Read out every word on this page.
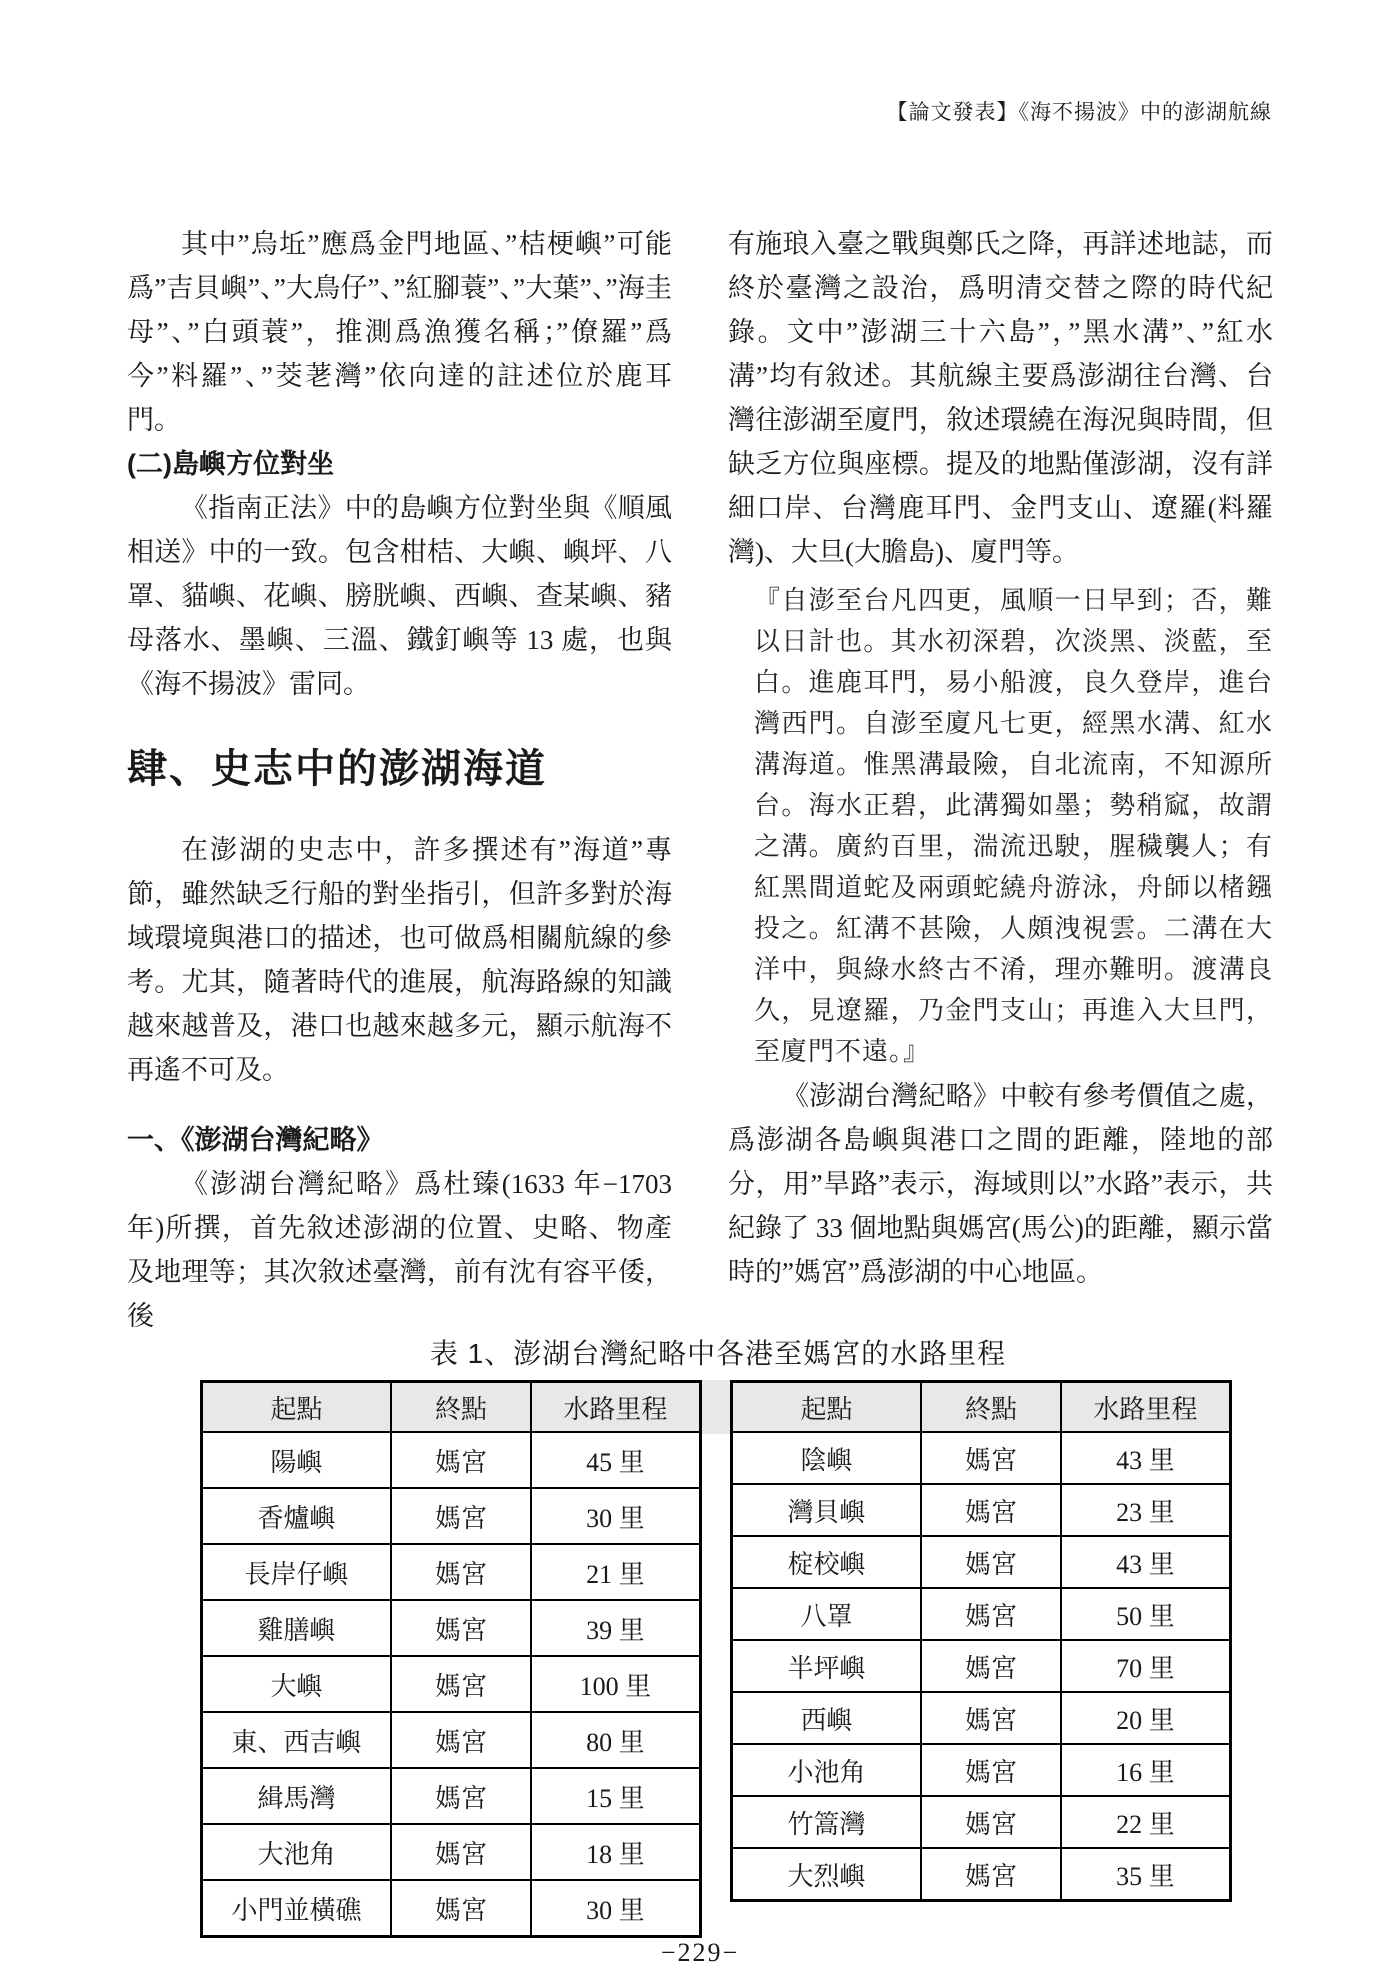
【論文發表】《海不揚波》中的澎湖航線

其中”烏坵”應爲金門地區、”桔梗嶼”可能爲”吉貝嶼”、”大鳥仔”、”紅腳蓑”、”大葉”、”海圭母”、”白頭蓑”，推測爲漁獲名稱；”僚羅”爲今”料羅”、”茭荖灣”依向達的註述位於鹿耳門。

(二)島嶼方位對坐

《指南正法》中的島嶼方位對坐與《順風相送》中的一致。包含柑桔、大嶼、嶼坪、八罩、貓嶼、花嶼、膀胱嶼、西嶼、查某嶼、豬母落水、墨嶼、三溫、鐵釘嶼等 13 處，也與《海不揚波》雷同。

肆、史志中的澎湖海道

在澎湖的史志中，許多撰述有”海道”專節，雖然缺乏行船的對坐指引，但許多對於海域環境與港口的描述，也可做爲相關航線的參考。尤其，隨著時代的進展，航海路線的知識越來越普及，港口也越來越多元，顯示航海不再遙不可及。

一、《澎湖台灣紀略》

《澎湖台灣紀略》爲杜臻(1633 年−1703 年)所撰，首先敘述澎湖的位置、史略、物產及地理等；其次敘述臺灣，前有沈有容平倭，後

有施琅入臺之戰與鄭氏之降，再詳述地誌，而終於臺灣之設治，爲明清交替之際的時代紀錄。文中”澎湖三十六島”，”黑水溝”、”紅水溝”均有敘述。其航線主要爲澎湖往台灣、台灣往澎湖至廈門，敘述環繞在海況與時間，但缺乏方位與座標。提及的地點僅澎湖，沒有詳細口岸、台灣鹿耳門、金門支山、遼羅(料羅灣)、大旦(大膽島)、廈門等。

『自澎至台凡四更，風順一日早到；否，難以日計也。其水初深碧，次淡黑、淡藍，至白。進鹿耳門，易小船渡，良久登岸，進台灣西門。自澎至廈凡七更，經黑水溝、紅水溝海道。惟黑溝最險，自北流南，不知源所台。海水正碧，此溝獨如墨；勢稍窳，故謂之溝。廣約百里，湍流迅駛，腥穢襲人；有紅黑間道蛇及兩頭蛇繞舟游泳，舟師以楮鏹投之。紅溝不甚險，人頗洩視雲。二溝在大洋中，與綠水終古不淆，理亦難明。渡溝良久，見遼羅，乃金門支山；再進入大旦門，至廈門不遠。』

《澎湖台灣紀略》中較有參考價值之處，爲澎湖各島嶼與港口之間的距離，陸地的部分，用”旱路”表示，海域則以”水路”表示，共紀錄了 33 個地點與媽宮(馬公)的距離，顯示當時的”媽宮”爲澎湖的中心地區。

表 1、澎湖台灣紀略中各港至媽宮的水路里程
起點	終點	水路里程
陽嶼	媽宮	45 里
香爐嶼	媽宮	30 里
長岸仔嶼	媽宮	21 里
雞膳嶼	媽宮	39 里
大嶼	媽宮	100 里
東、西吉嶼	媽宮	80 里
緝馬灣	媽宮	15 里
大池角	媽宮	18 里
小門並橫礁	媽宮	30 里
起點	終點	水路里程
陰嶼	媽宮	43 里
灣貝嶼	媽宮	23 里
椗校嶼	媽宮	43 里
八罩	媽宮	50 里
半坪嶼	媽宮	70 里
西嶼	媽宮	20 里
小池角	媽宮	16 里
竹篙灣	媽宮	22 里
大烈嶼	媽宮	35 里
−229−
